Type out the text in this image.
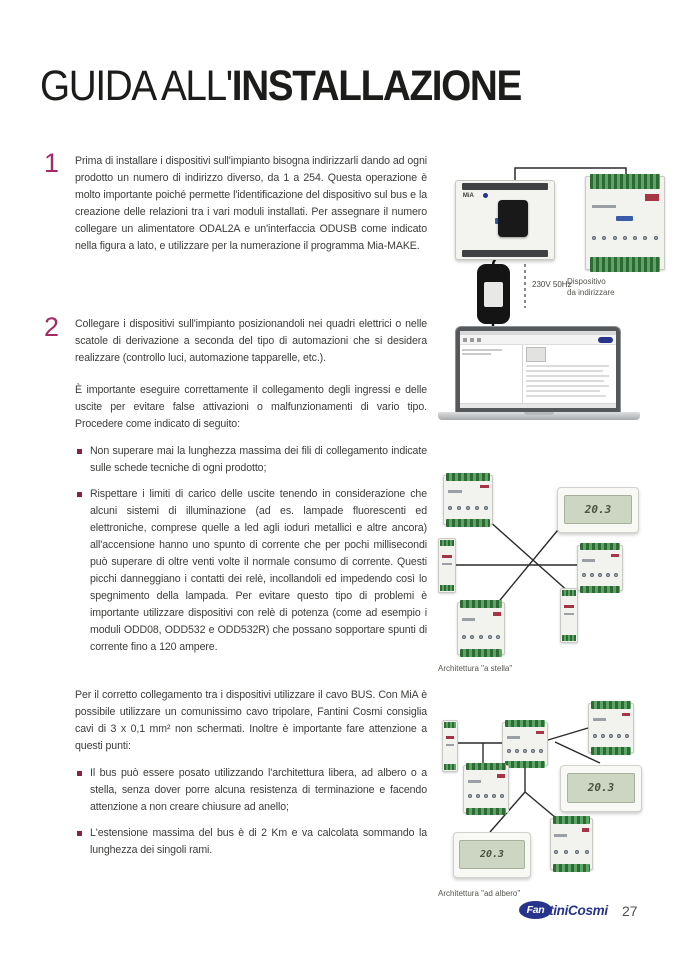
GUIDA ALL'INSTALLAZIONE
1
2

Prima di installare i dispositivi sull'impianto bisogna indirizzarli dando ad ogni prodotto un numero di indirizzo diverso, da 1 a 254. Questa operazione è molto importante poiché permette l'identificazione del dispositivo sul bus e la creazione delle relazioni tra i vari moduli installati. Per assegnare il numero collegare un alimentatore ODAL2A e un'interfaccia ODUSB come indicato nella figura a lato, e utilizzare per la numerazione il programma Mia-MAKE.

Collegare i dispositivi sull'impianto posizionandoli nei quadri elettrici o nelle scatole di derivazione a seconda del tipo di automazioni che si desidera realizzare (controllo luci, automazione tapparelle, etc.).

È importante eseguire correttamente il collegamento degli ingressi e delle uscite per evitare false attivazioni o malfunzionamenti di vario tipo. Procedere come indicato di seguito:

Non superare mai la lunghezza massima dei fili di collegamento indicate sulle schede tecniche di ogni prodotto;
Rispettare i limiti di carico delle uscite tenendo in considerazione che alcuni sistemi di illuminazione (ad es. lampade fluorescenti ed elettroniche, comprese quelle a led agli ioduri metallici e altre ancora) all'accensione hanno uno spunto di corrente che per pochi millisecondi può superare di oltre venti volte il normale consumo di corrente. Questi picchi danneggiano i contatti dei relè, incollandoli ed impedendo così lo spegnimento della lampada. Per evitare questo tipo di problemi è importante utilizzare dispositivi con relè di potenza (come ad esempio i moduli ODD08, ODD532 e ODD532R) che possano sopportare spunti di corrente fino a 120 ampere.

Per il corretto collegamento tra i dispositivi utilizzare il cavo BUS. Con MiA è possibile utilizzare un comunissimo cavo tripolare, Fantini Cosmi consiglia cavi di 3 x 0,1 mm² non schermati. Inoltre è importante fare attenzione a questi punti:

Il bus può essere posato utilizzando l'architettura libera, ad albero o a stella, senza dover porre alcuna resistenza di terminazione e facendo attenzione a non creare chiusure ad anello;
L'estensione massima del bus è di 2 Km e va calcolata sommando la lunghezza dei singoli rami.
MiA
Dispositivo
da indirizzare
230V 50Hz
20.3
Architettura "a stella"
20.3
20.3
Architettura "ad albero"
Fan tiniCosmi 27
